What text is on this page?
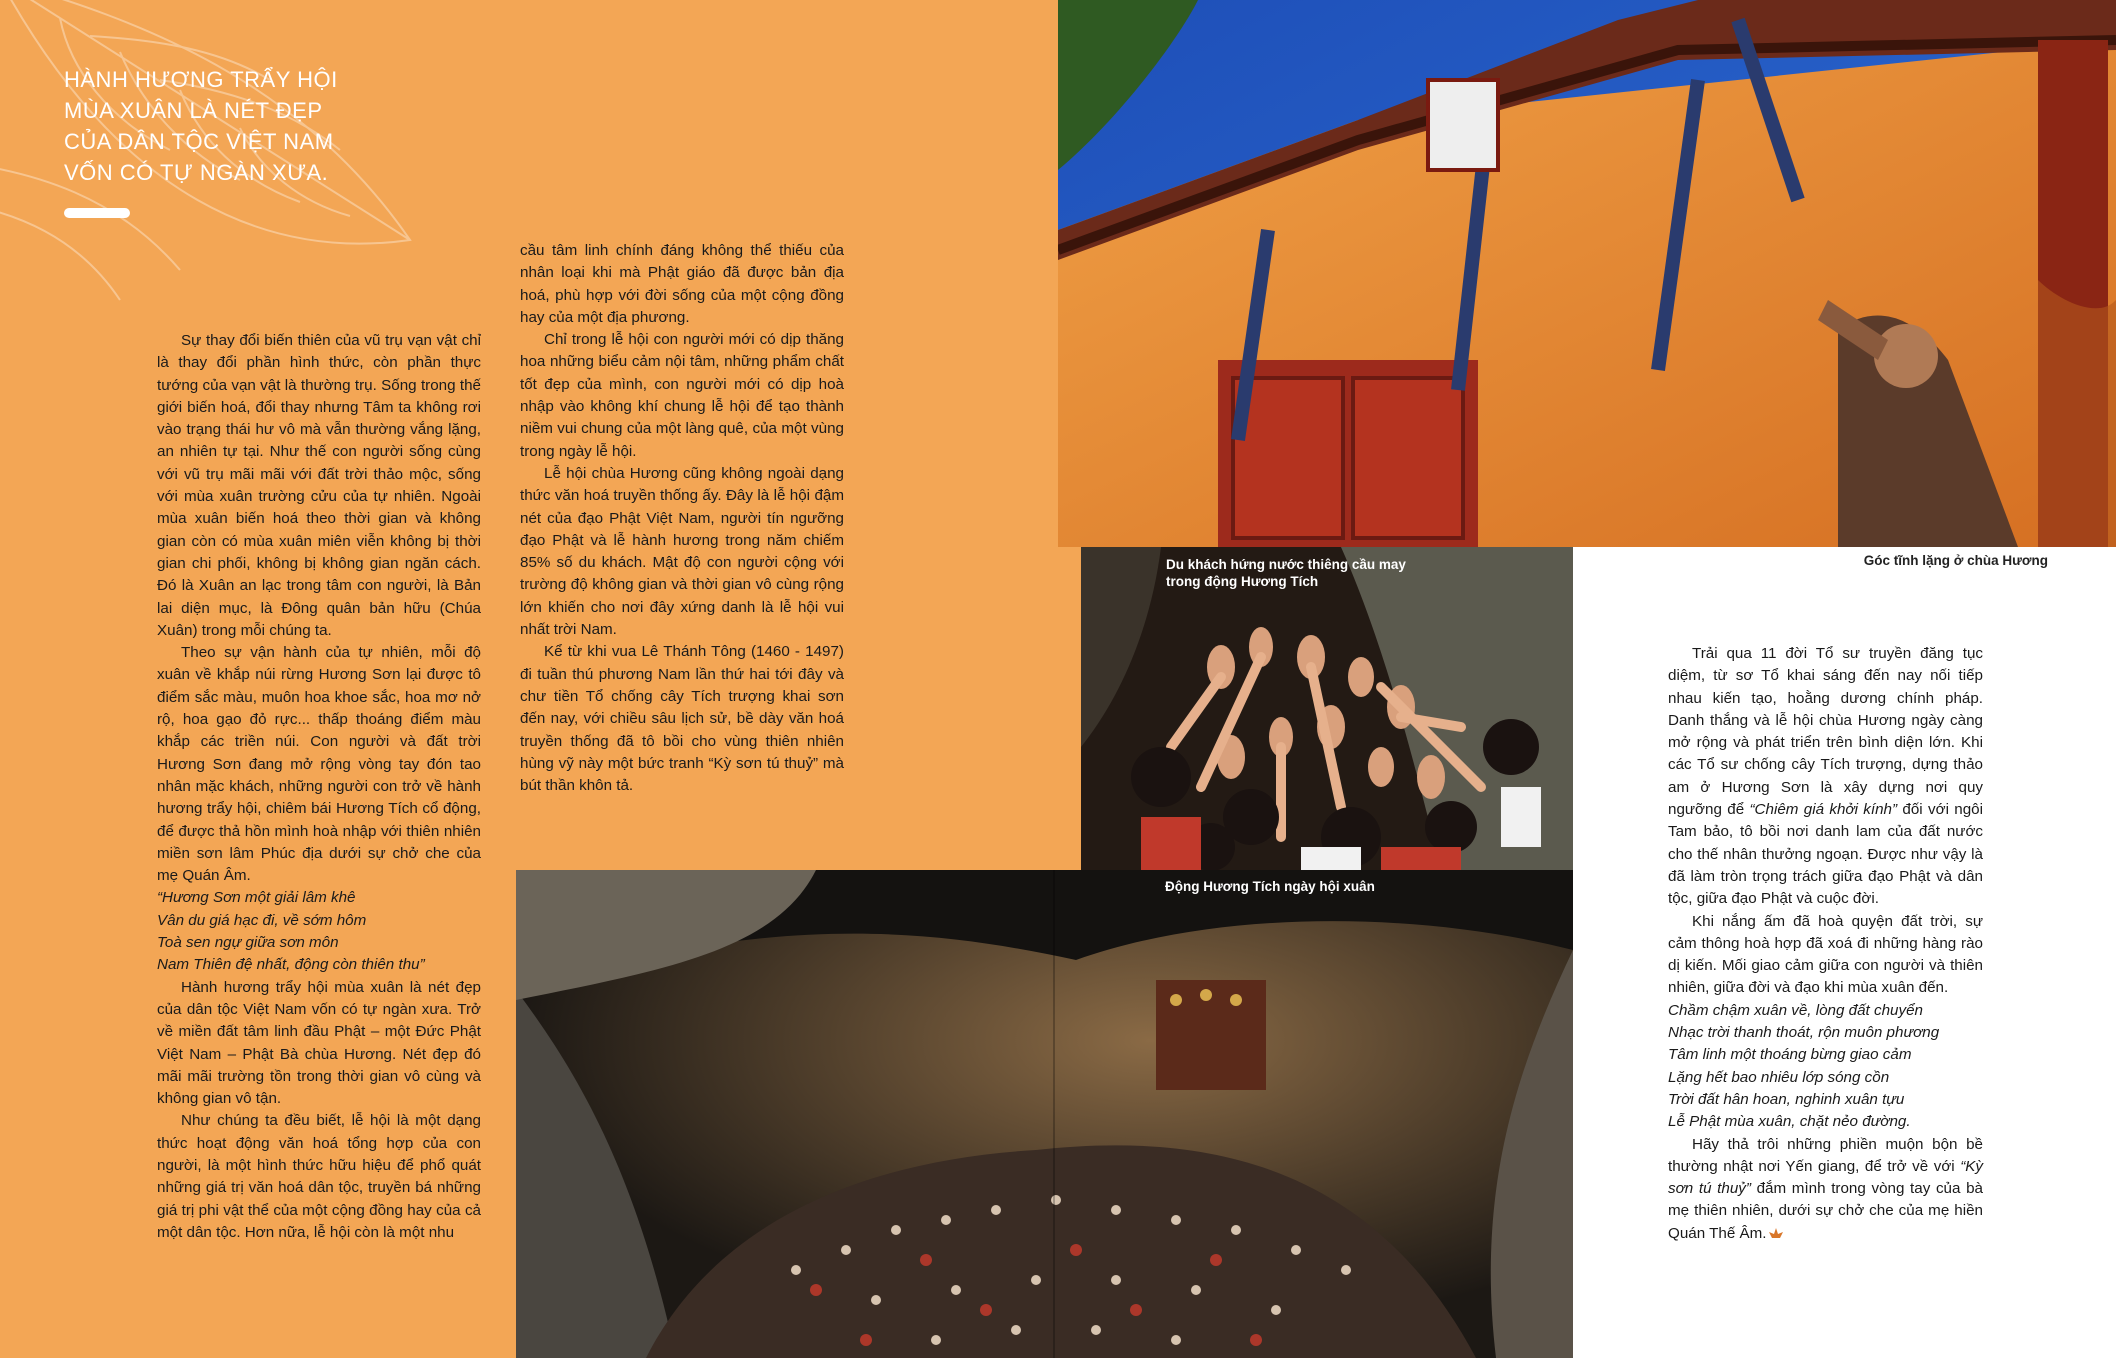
HÀNH HƯƠNG TRẨY HỘI MÙA XUÂN LÀ NÉT ĐẸP CỦA DÂN TỘC VIỆT NAM VỐN CÓ TỰ NGÀN XƯA.

Sự thay đổi biến thiên của vũ trụ vạn vật chỉ là thay đổi phần hình thức, còn phần thực tướng của vạn vật là thường trụ. Sống trong thế giới biến hoá, đổi thay nhưng Tâm ta không rơi vào trạng thái hư vô mà vẫn thường vắng lặng, an nhiên tự tại. Như thế con người sống cùng với vũ trụ mãi mãi với đất trời thảo mộc, sống với mùa xuân trường cửu của tự nhiên. Ngoài mùa xuân biến hoá theo thời gian và không gian còn có mùa xuân miên viễn không bị thời gian chi phối, không bị không gian ngăn cách. Đó là Xuân an lạc trong tâm con người, là Bản lai diện mục, là Đông quân bản hữu (Chúa Xuân) trong mỗi chúng ta.

Theo sự vận hành của tự nhiên, mỗi độ xuân về khắp núi rừng Hương Sơn lại được tô điểm sắc màu, muôn hoa khoe sắc, hoa mơ nở rộ, hoa gạo đỏ rực... thấp thoáng điểm màu khắp các triền núi. Con người và đất trời Hương Sơn đang mở rộng vòng tay đón tao nhân mặc khách, những người con trở về hành hương trẩy hội, chiêm bái Hương Tích cổ động, để được thả hồn mình hoà nhập với thiên nhiên miền sơn lâm Phúc địa dưới sự chở che của mẹ Quán Âm.

“Hương Sơn một giải lâm khê

Vân du giá hạc đi, về sớm hôm

Toà sen ngự giữa sơn môn

Nam Thiên đệ nhất, động còn thiên thu”

Hành hương trẩy hội mùa xuân là nét đẹp của dân tộc Việt Nam vốn có tự ngàn xưa. Trở về miền đất tâm linh đầu Phật – một Đức Phật Việt Nam – Phật Bà chùa Hương. Nét đẹp đó mãi mãi trường tồn trong thời gian vô cùng và không gian vô tận.

Như chúng ta đều biết, lễ hội là một dạng thức hoạt động văn hoá tổng hợp của con người, là một hình thức hữu hiệu để phổ quát những giá trị văn hoá dân tộc, truyền bá những giá trị phi vật thể của một cộng đồng hay của cả một dân tộc. Hơn nữa, lễ hội còn là một nhu

cầu tâm linh chính đáng không thể thiếu của nhân loại khi mà Phật giáo đã được bản địa hoá, phù hợp với đời sống của một cộng đồng hay của một địa phương.

Chỉ trong lễ hội con người mới có dịp thăng hoa những biểu cảm nội tâm, những phẩm chất tốt đẹp của mình, con người mới có dịp hoà nhập vào không khí chung lễ hội để tạo thành niềm vui chung của một làng quê, của một vùng trong ngày lễ hội.

Lễ hội chùa Hương cũng không ngoài dạng thức văn hoá truyền thống ấy. Đây là lễ hội đậm nét của đạo Phật Việt Nam, người tín ngưỡng đạo Phật và lễ hành hương trong năm chiếm 85% số du khách. Mật độ con người cộng với trường độ không gian và thời gian vô cùng rộng lớn khiến cho nơi đây xứng danh là lễ hội vui nhất trời Nam.

Kể từ khi vua Lê Thánh Tông (1460 - 1497) đi tuần thú phương Nam lần thứ hai tới đây và chư tiền Tổ chống cây Tích trượng khai sơn đến nay, với chiều sâu lịch sử, bề dày văn hoá truyền thống đã tô bồi cho vùng thiên nhiên hùng vỹ này một bức tranh “Kỳ sơn tú thuỷ” mà bút thần khôn tả.

Góc tĩnh lặng ở chùa Hương
Du khách hứng nước thiêng cầu may trong động Hương Tích
Động Hương Tích ngày hội xuân

Trải qua 11 đời Tổ sư truyền đăng tục diệm, từ sơ Tổ khai sáng đến nay nối tiếp nhau kiến tạo, hoằng dương chính pháp. Danh thắng và lễ hội chùa Hương ngày càng mở rộng và phát triển trên bình diện lớn. Khi các Tổ sư chống cây Tích trượng, dựng thảo am ở Hương Sơn là xây dựng nơi quy ngưỡng để “Chiêm giá khởi kính” đối với ngôi Tam bảo, tô bồi nơi danh lam của đất nước cho thế nhân thưởng ngoạn. Được như vậy là đã làm tròn trọng trách giữa đạo Phật và dân tộc, giữa đạo Phật và cuộc đời.

Khi nắng ấm đã hoà quyện đất trời, sự cảm thông hoà hợp đã xoá đi những hàng rào dị kiến. Mối giao cảm giữa con người và thiên nhiên, giữa đời và đạo khi mùa xuân đến.

Chầm chậm xuân về, lòng đất chuyển

Nhạc trời thanh thoát, rộn muôn phương

Tâm linh một thoáng bừng giao cảm

Lặng hết bao nhiêu lớp sóng cồn

Trời đất hân hoan, nghinh xuân tựu

Lễ Phật mùa xuân, chặt nẻo đường.

Hãy thả trôi những phiền muộn bộn bề thường nhật nơi Yến giang, để trở về với “Kỳ sơn tú thuỷ” đắm mình trong vòng tay của bà mẹ thiên nhiên, dưới sự chở che của mẹ hiền Quán Thế Âm.
